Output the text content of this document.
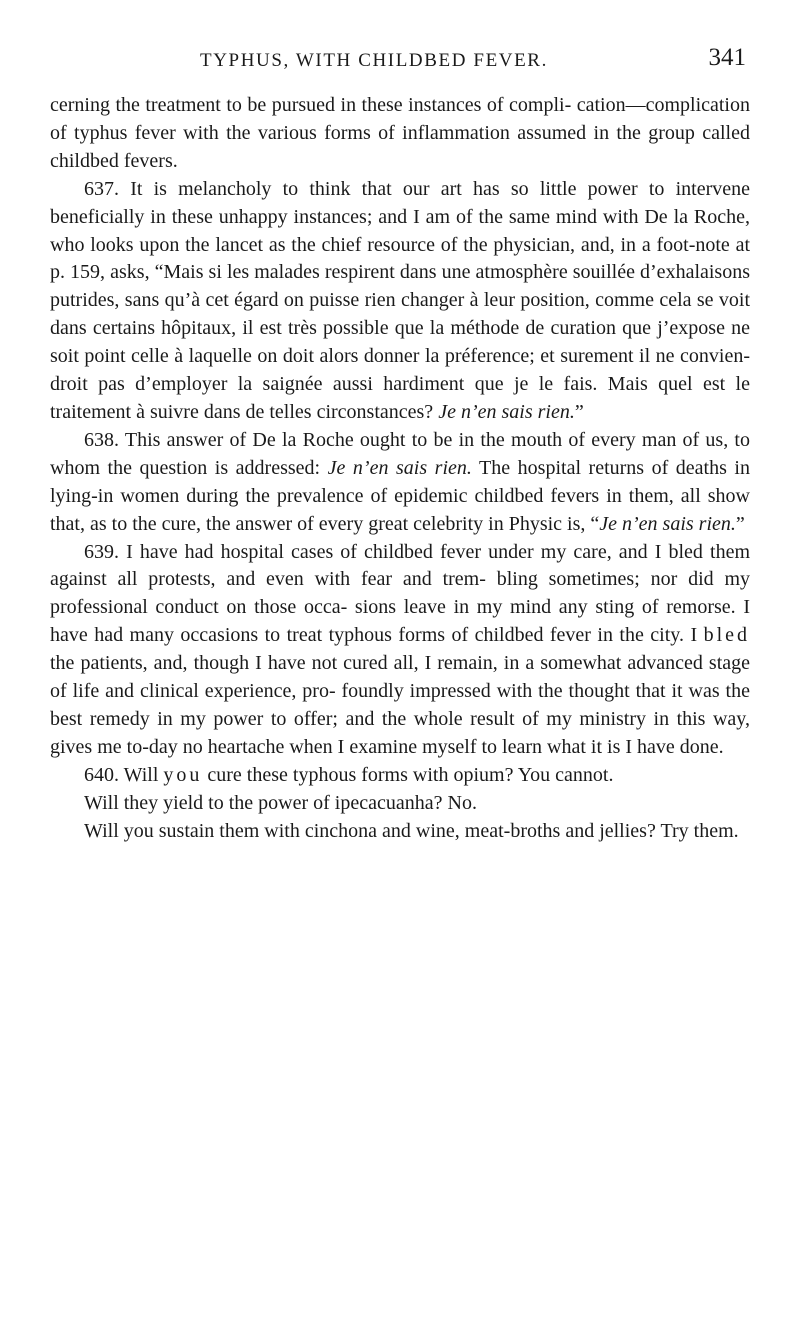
TYPHUS, WITH CHILDBED FEVER.	341

cerning the treatment to be pursued in these instances of compli- cation—complication of typhus fever with the various forms of inflammation assumed in the group called childbed fevers.

637. It is melancholy to think that our art has so little power to intervene beneficially in these unhappy instances; and I am of the same mind with De la Roche, who looks upon the lancet as the chief resource of the physician, and, in a foot-note at p. 159, asks, “Mais si les malades respirent dans une atmosphère souillée d’exhalaisons putrides, sans qu’à cet égard on puisse rien changer à leur position, comme cela se voit dans certains hôpitaux, il est très possible que la méthode de curation que j’expose ne soit point celle à laquelle on doit alors donner la préference; et surement il ne convien- droit pas d’employer la saignée aussi hardiment que je le fais. Mais quel est le traitement à suivre dans de telles circonstances? Je n’en sais rien.”

638. This answer of De la Roche ought to be in the mouth of every man of us, to whom the question is addressed: Je n’en sais rien. The hospital returns of deaths in lying-in women during the prevalence of epidemic childbed fevers in them, all show that, as to the cure, the answer of every great celebrity in Physic is, “Je n’en sais rien.”

639. I have had hospital cases of childbed fever under my care, and I bled them against all protests, and even with fear and trem- bling sometimes; nor did my professional conduct on those occa- sions leave in my mind any sting of remorse. I have had many occasions to treat typhous forms of childbed fever in the city. I bled the patients, and, though I have not cured all, I remain, in a somewhat advanced stage of life and clinical experience, pro- foundly impressed with the thought that it was the best remedy in my power to offer; and the whole result of my ministry in this way, gives me to-day no heartache when I examine myself to learn what it is I have done.

640. Will you cure these typhous forms with opium? You cannot.

Will they yield to the power of ipecacuanha? No.

Will you sustain them with cinchona and wine, meat-broths and jellies? Try them.
